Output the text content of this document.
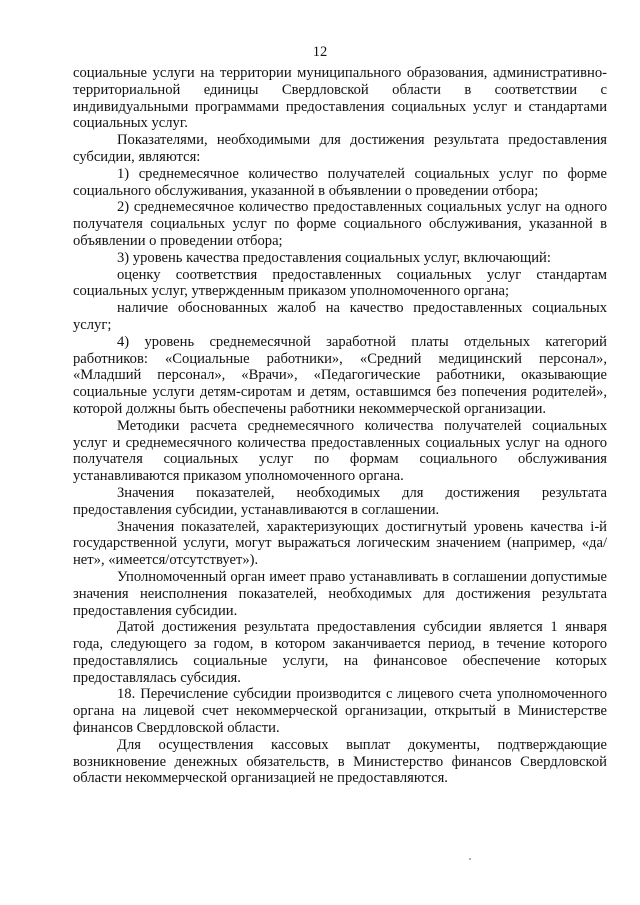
12

социальные услуги на территории муниципального образования, административно-территориальной единицы Свердловской области в соответствии с индивидуальными программами предоставления социальных услуг и стандартами социальных услуг.

Показателями, необходимыми для достижения результата предоставления субсидии, являются:

1) среднемесячное количество получателей социальных услуг по форме социального обслуживания, указанной в объявлении о проведении отбора;

2) среднемесячное количество предоставленных социальных услуг на одного получателя социальных услуг по форме социального обслуживания, указанной в объявлении о проведении отбора;

3) уровень качества предоставления социальных услуг, включающий:

оценку соответствия предоставленных социальных услуг стандартам социальных услуг, утвержденным приказом уполномоченного органа;

наличие обоснованных жалоб на качество предоставленных социальных услуг;

4) уровень среднемесячной заработной платы отдельных категорий работников: «Социальные работники», «Средний медицинский персонал», «Младший персонал», «Врачи», «Педагогические работники, оказывающие социальные услуги детям-сиротам и детям, оставшимся без попечения родителей», которой должны быть обеспечены работники некоммерческой организации.

Методики расчета среднемесячного количества получателей социальных услуг и среднемесячного количества предоставленных социальных услуг на одного получателя социальных услуг по формам социального обслуживания устанавливаются приказом уполномоченного органа.

Значения показателей, необходимых для достижения результата предоставления субсидии, устанавливаются в соглашении.

Значения показателей, характеризующих достигнутый уровень качества i-й государственной услуги, могут выражаться логическим значением (например, «да/нет», «имеется/отсутствует»).

Уполномоченный орган имеет право устанавливать в соглашении допустимые значения неисполнения показателей, необходимых для достижения результата предоставления субсидии.

Датой достижения результата предоставления субсидии является 1 января года, следующего за годом, в котором заканчивается период, в течение которого предоставлялись социальные услуги, на финансовое обеспечение которых предоставлялась субсидия.

18. Перечисление субсидии производится с лицевого счета уполномоченного органа на лицевой счет некоммерческой организации, открытый в Министерстве финансов Свердловской области.

Для осуществления кассовых выплат документы, подтверждающие возникновение денежных обязательств, в Министерство финансов Свердловской области некоммерческой организацией не предоставляются.
